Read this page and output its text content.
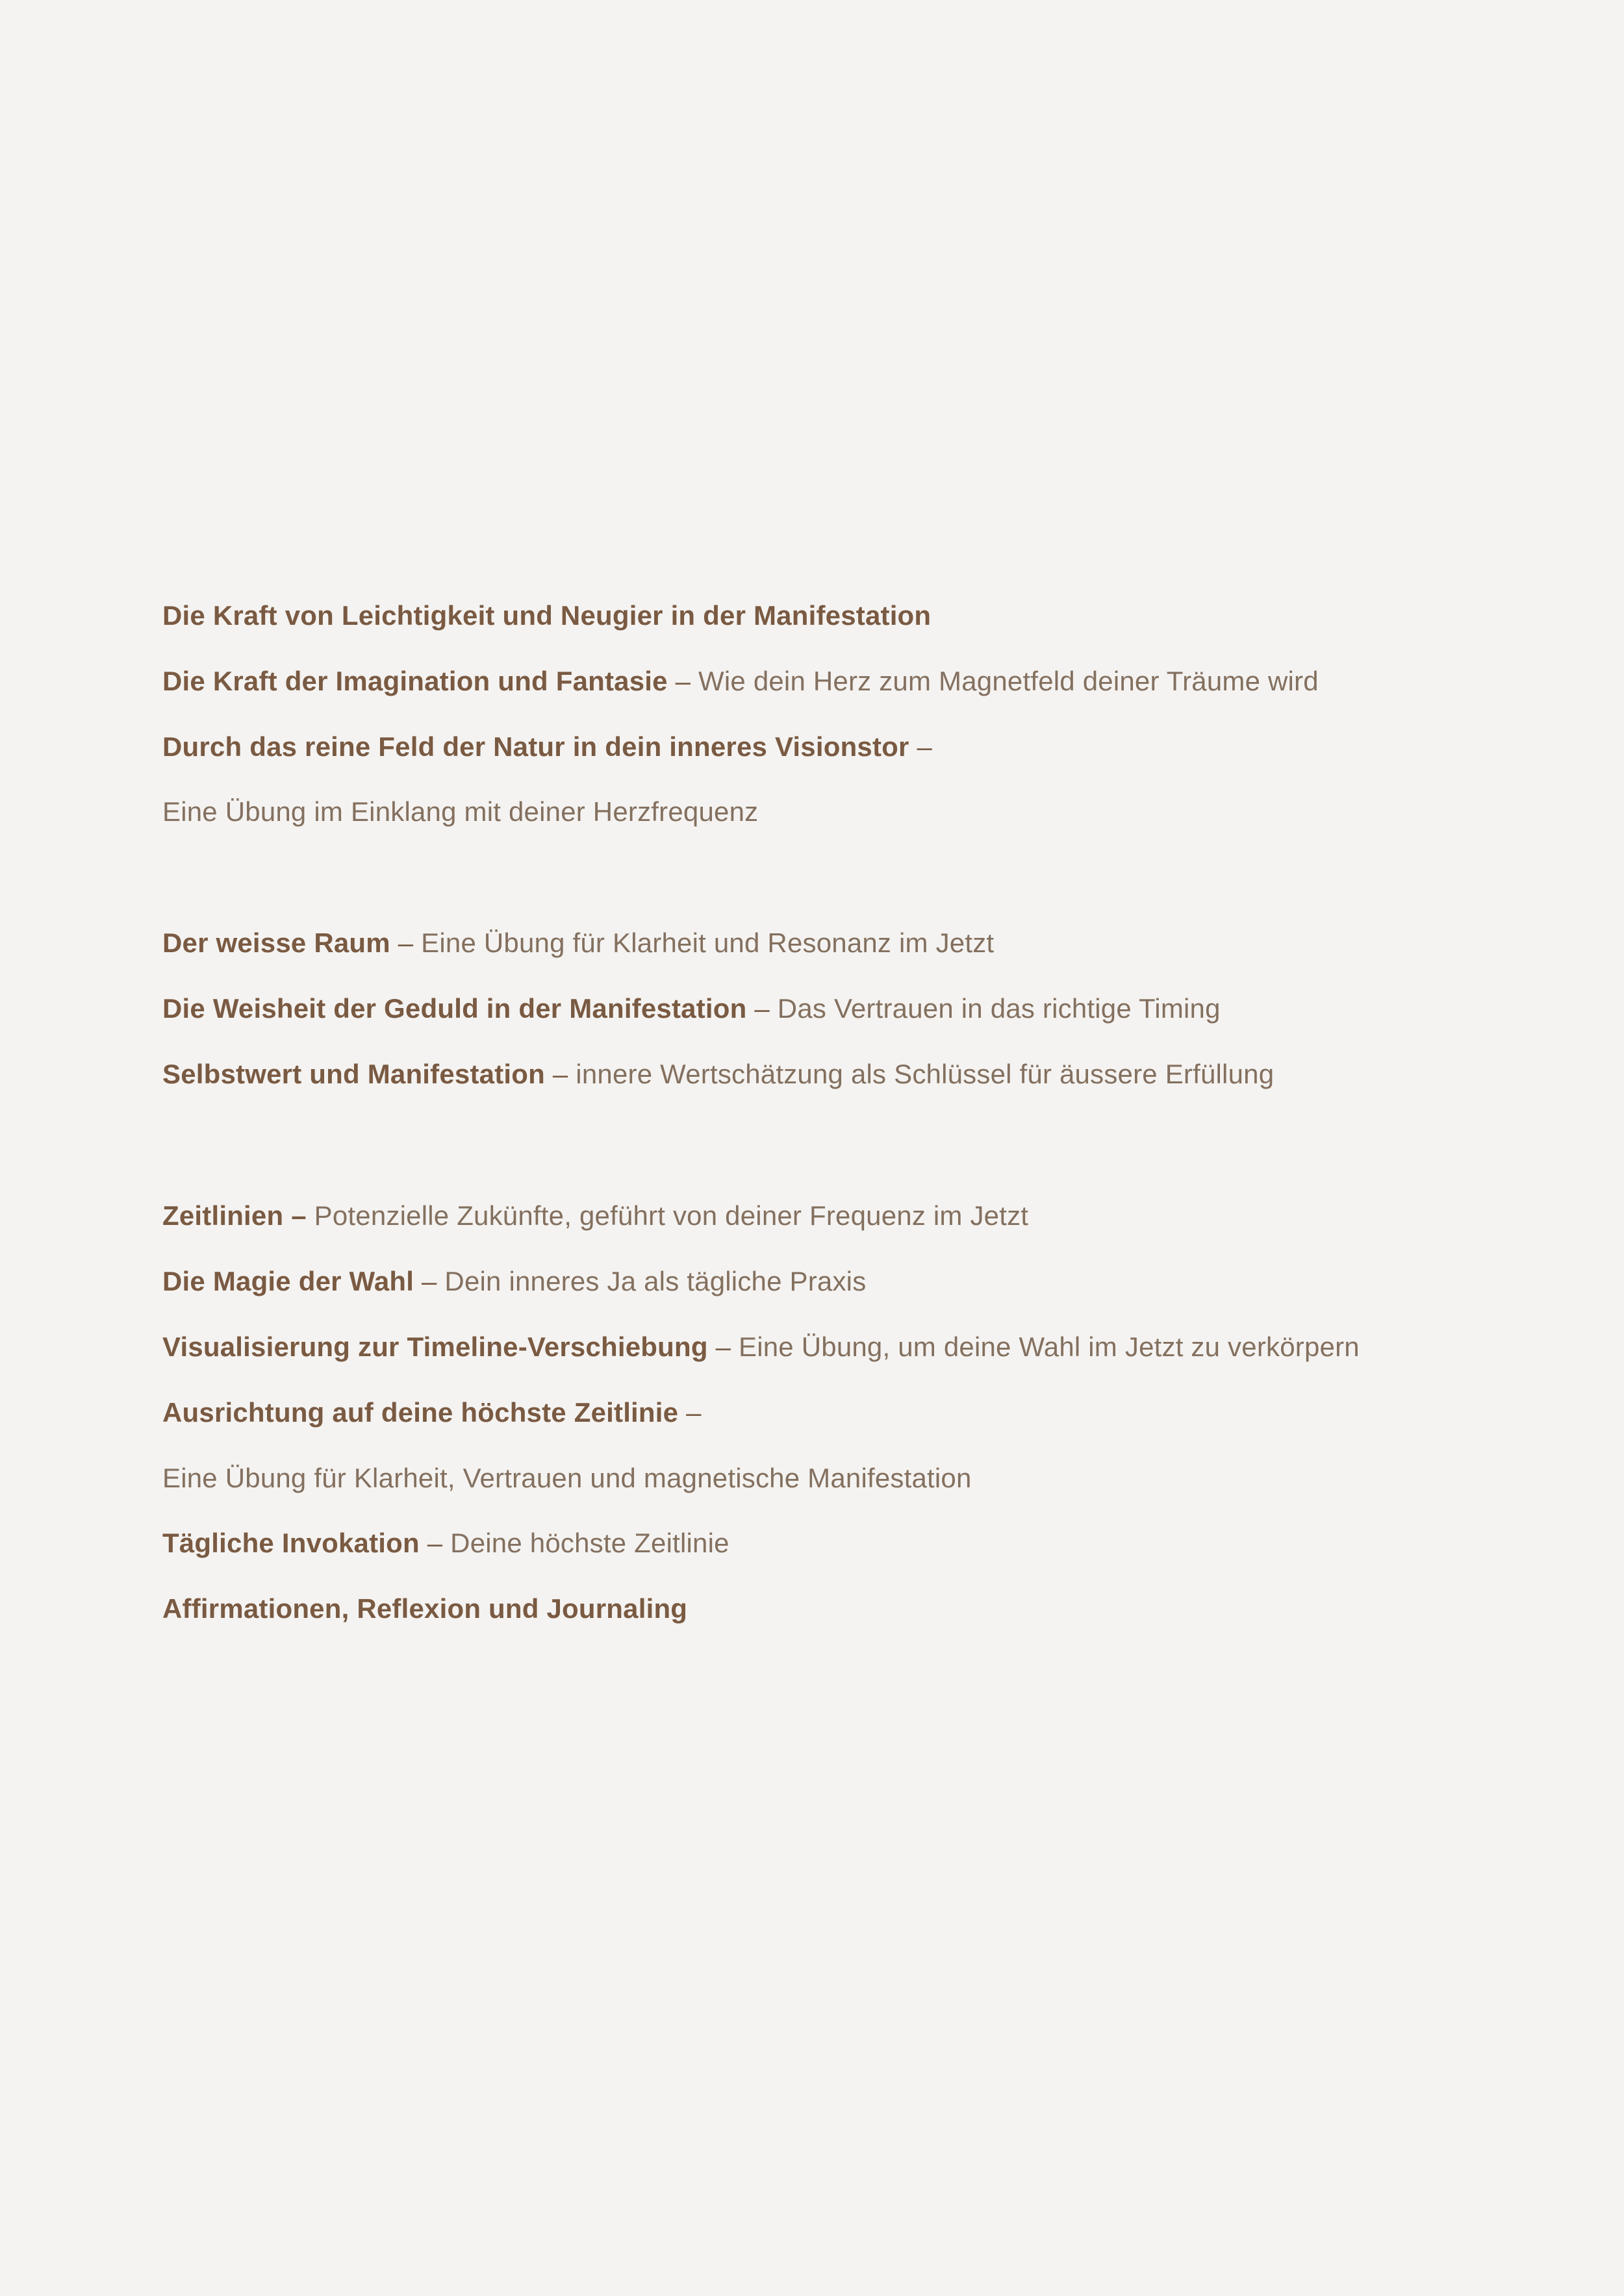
Die Kraft von Leichtigkeit und Neugier in der Manifestation
Die Kraft der Imagination und Fantasie – Wie dein Herz zum Magnetfeld deiner Träume wird
Durch das reine Feld der Natur in dein inneres Visionstor –
Eine Übung im Einklang mit deiner Herzfrequenz
Der weisse Raum – Eine Übung für Klarheit und Resonanz im Jetzt
Die Weisheit der Geduld in der Manifestation – Das Vertrauen in das richtige Timing
Selbstwert und Manifestation – innere Wertschätzung als Schlüssel für äussere Erfüllung
Zeitlinien – Potenzielle Zukünfte, geführt von deiner Frequenz im Jetzt
Die Magie der Wahl – Dein inneres Ja als tägliche Praxis
Visualisierung zur Timeline-Verschiebung – Eine Übung, um deine Wahl im Jetzt zu verkörpern
Ausrichtung auf deine höchste Zeitlinie –
Eine Übung für Klarheit, Vertrauen und magnetische Manifestation
Tägliche Invokation – Deine höchste Zeitlinie
Affirmationen, Reflexion und Journaling
